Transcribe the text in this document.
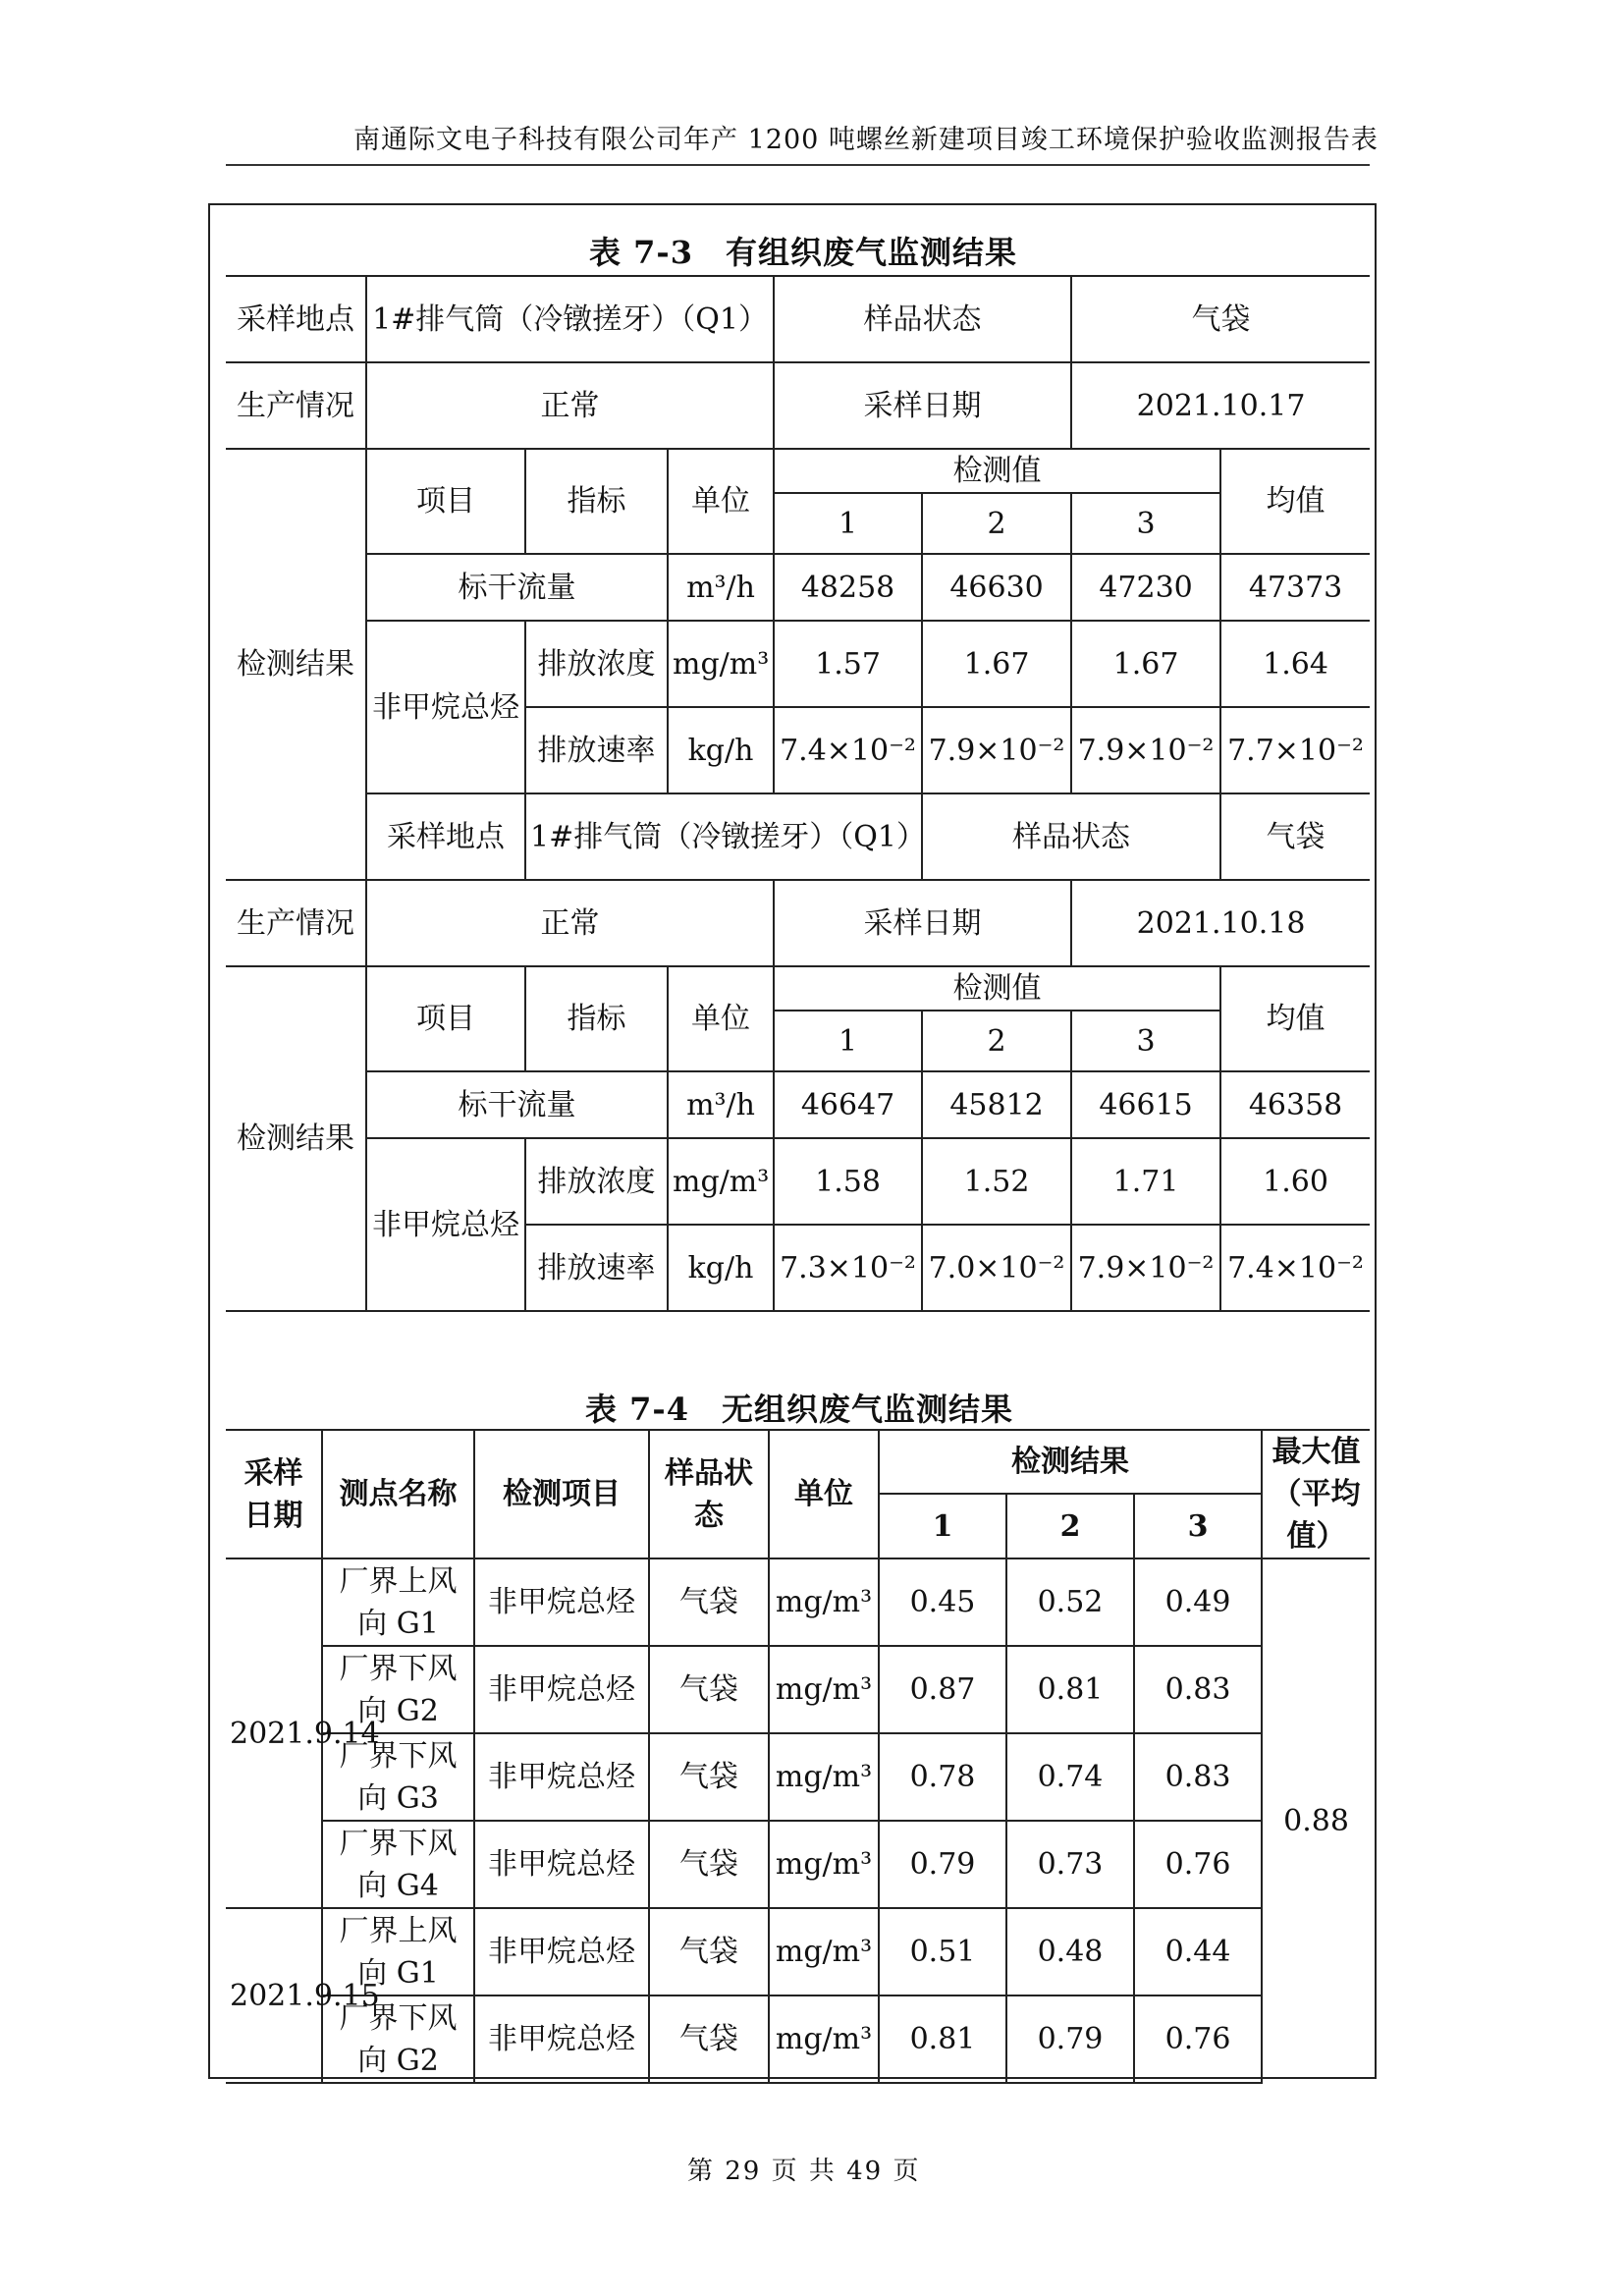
南通际文电子科技有限公司年产 1200 吨螺丝新建项目竣工环境保护验收监测报告表
表 7-3　有组织废气监测结果
采样地点	1#排气筒（冷镦搓牙）（Q1）			样品状态		气袋	
生产情况	正常			采样日期		2021.10.17	
检测结果	项目	指标	单位	检测值			均值
				1	2	3	
	标干流量		m³/h	48258	46630	47230	47373
	非甲烷总烃	排放浓度	mg/m³	1.57	1.67	1.67	1.64
		排放速率	kg/h	7.4×10⁻²	7.9×10⁻²	7.9×10⁻²	7.7×10⁻²
	采样地点	1#排气筒（冷镦搓牙）（Q1）			样品状态		气袋
生产情况	正常			采样日期		2021.10.18	
检测结果	项目	指标	单位	检测值			均值
				1	2	3	
	标干流量		m³/h	46647	45812	46615	46358
	非甲烷总烃	排放浓度	mg/m³	1.58	1.52	1.71	1.60
		排放速率	kg/h	7.3×10⁻²	7.0×10⁻²	7.9×10⁻²	7.4×10⁻²
表 7-4　无组织废气监测结果
采样日期	测点名称	检测项目	样品状态	单位	检测结果			最大值（平均值）
					1	2	3	
2021.9.14	厂界上风向 G1	非甲烷总烃	气袋	mg/m³	0.45	0.52	0.49	0.88
	厂界下风向 G2	非甲烷总烃	气袋	mg/m³	0.87	0.81	0.83	
	厂界下风向 G3	非甲烷总烃	气袋	mg/m³	0.78	0.74	0.83	
	厂界下风向 G4	非甲烷总烃	气袋	mg/m³	0.79	0.73	0.76	
2021.9.15	厂界上风向 G1	非甲烷总烃	气袋	mg/m³	0.51	0.48	0.44	
	厂界下风向 G2	非甲烷总烃	气袋	mg/m³	0.81	0.79	0.76	
第 29 页 共 49 页
